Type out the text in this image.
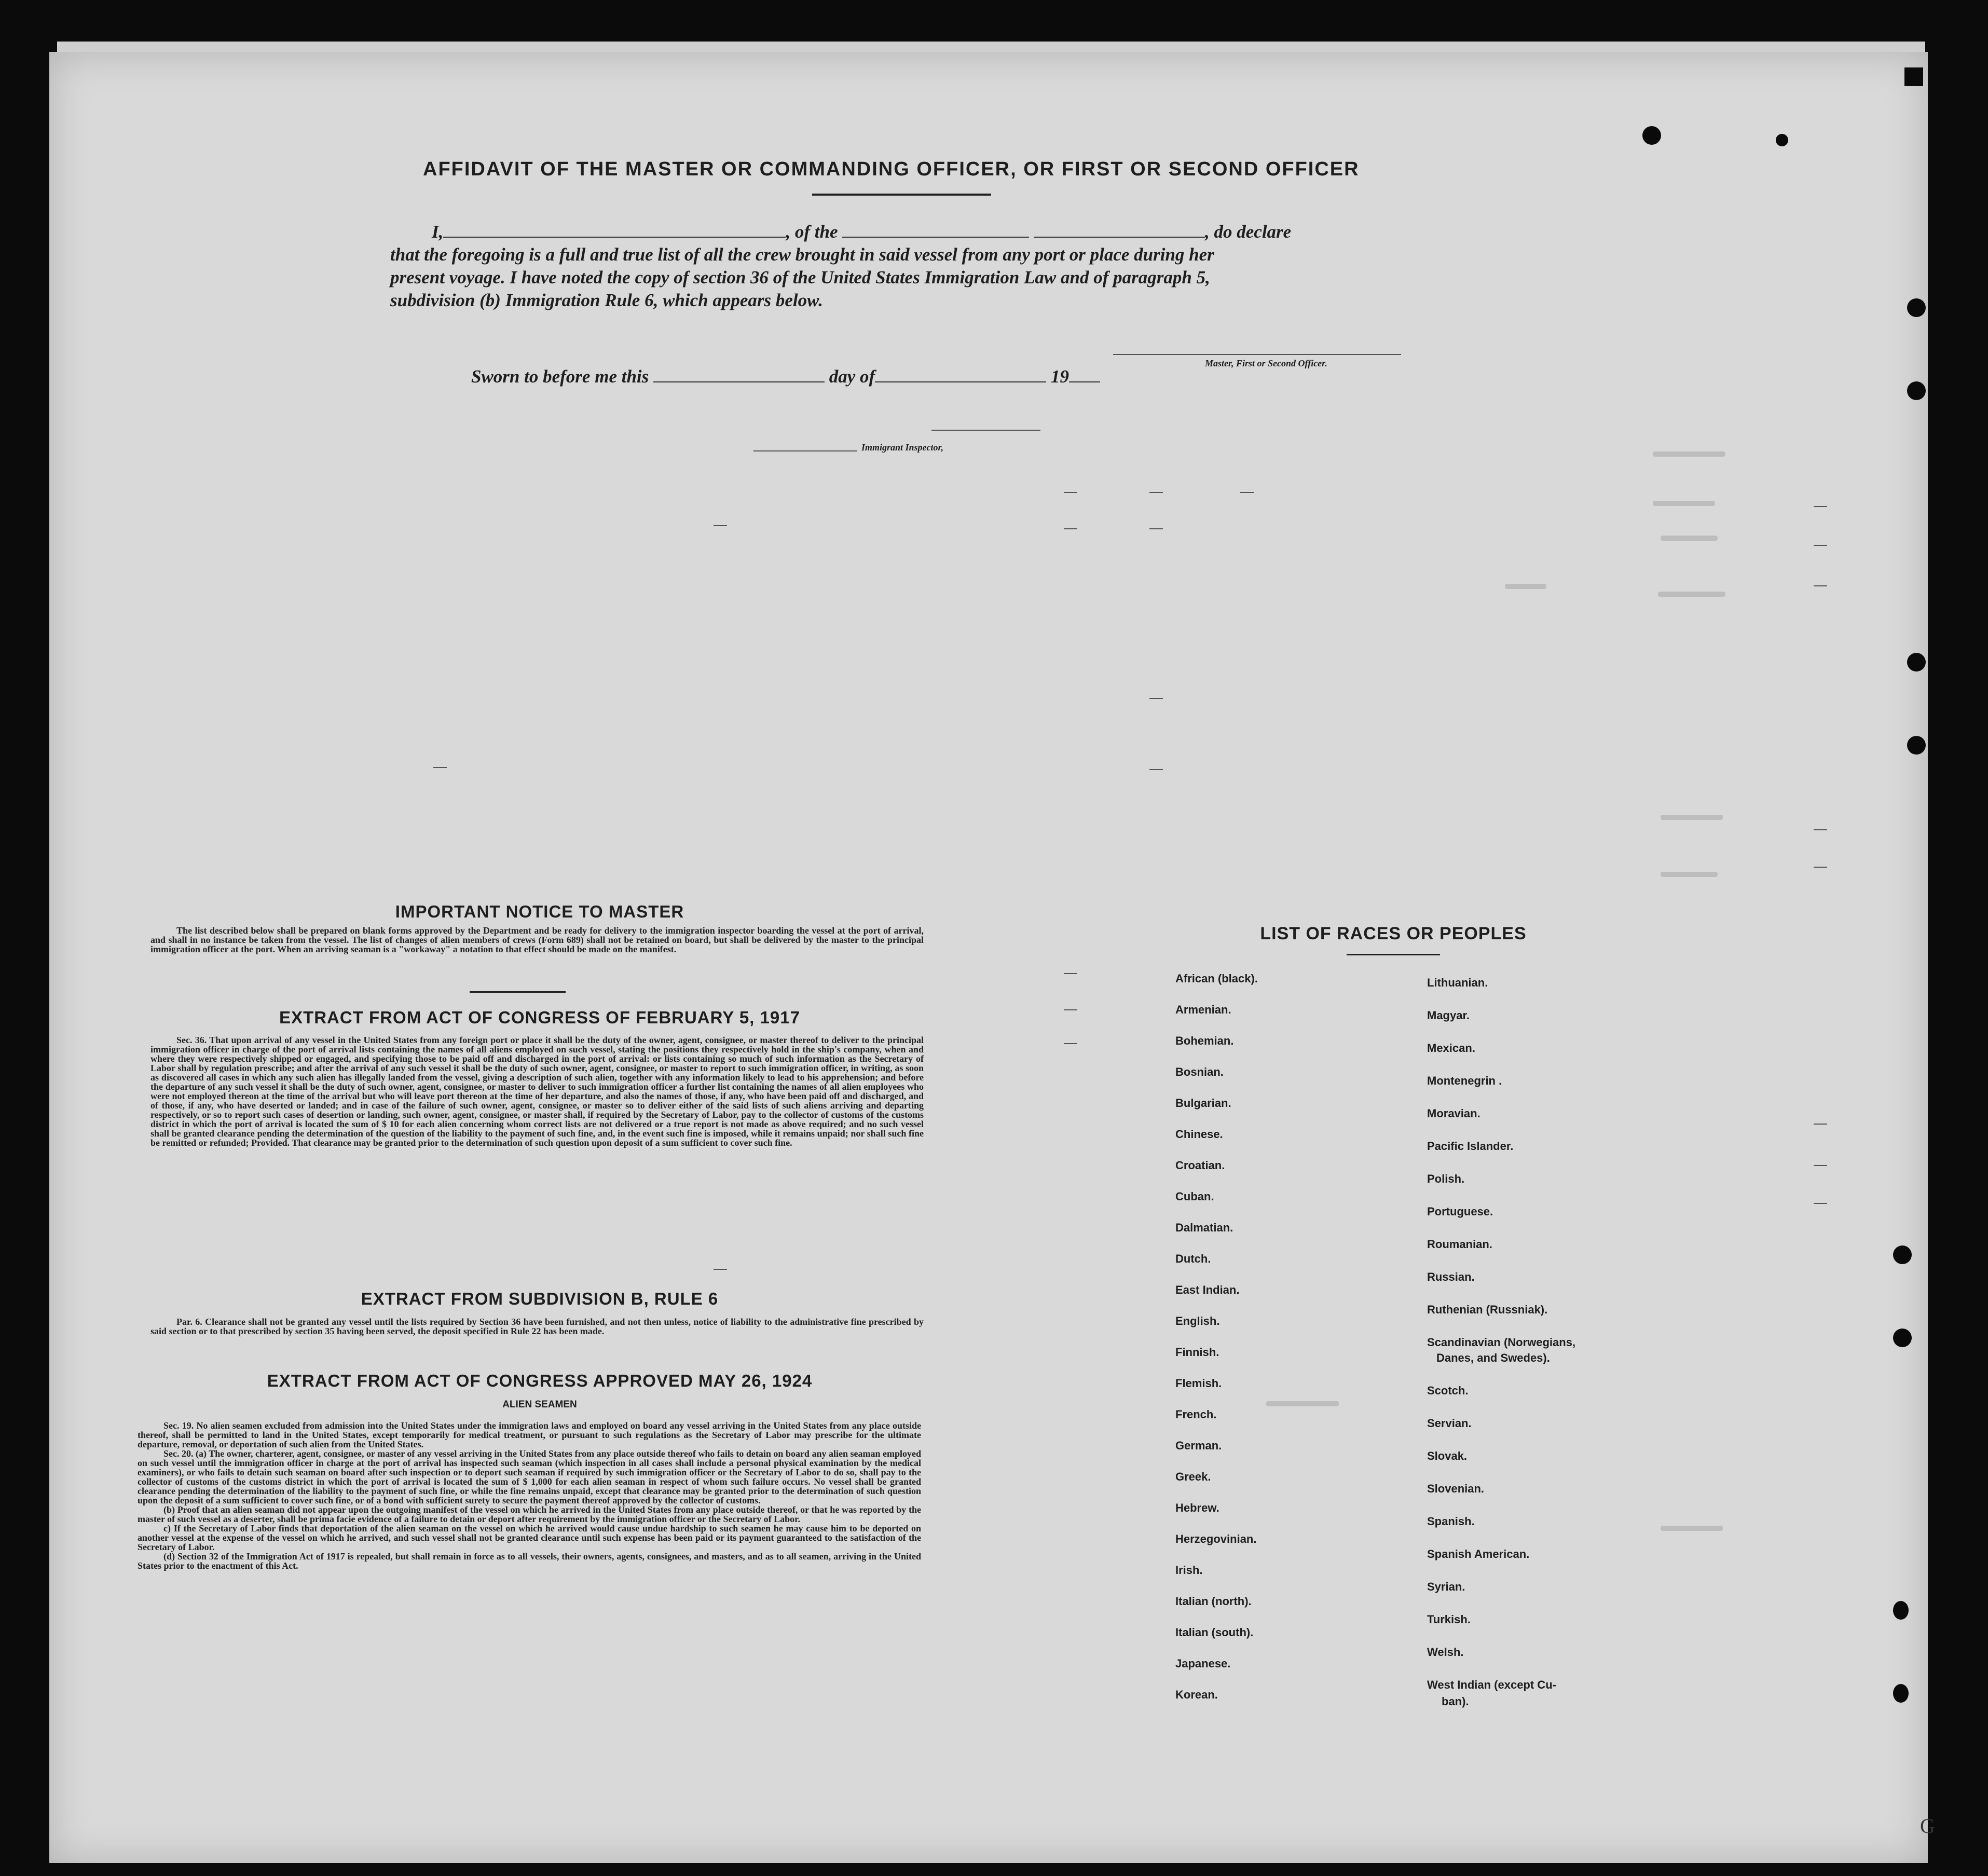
AFFIDAVIT OF THE MASTER OR COMMANDING OFFICER, OR FIRST OR SECOND OFFICER
I,	, of the	, do declare
that the foregoing is a full and true list of all the crew brought in said vessel from any port or place during her
present voyage. I have noted the copy of section 36 of the United States Immigration Law and of paragraph 5,
subdivision (b) Immigration Rule 6, which appears below.
Master, First or Second Officer.
Sworn to before me this	day of	19
Immigrant Inspector,
IMPORTANT NOTICE TO MASTER

The list described below shall be prepared on blank forms approved by the Department and be ready for delivery to the immigration inspector boarding the vessel at the port of arrival, and shall in no instance be taken from the vessel. The list of changes of alien members of crews (Form 689) shall not be retained on board, but shall be delivered by the master to the principal immigration officer at the port. When an arriving seaman is a "workaway" a notation to that effect should be made on the manifest.

EXTRACT FROM ACT OF CONGRESS OF FEBRUARY 5, 1917

Sec. 36. That upon arrival of any vessel in the United States from any foreign port or place it shall be the duty of the owner, agent, consignee, or master thereof to deliver to the principal immigration officer in charge of the port of arrival lists containing the names of all aliens employed on such vessel, stating the positions they respectively hold in the ship's company, when and where they were respectively shipped or engaged, and specifying those to be paid off and discharged in the port of arrival: or lists containing so much of such information as the Secretary of Labor shall by regulation prescribe; and after the arrival of any such vessel it shall be the duty of such owner, agent, consignee, or master to report to such immigration officer, in writing, as soon as discovered all cases in which any such alien has illegally landed from the vessel, giving a description of such alien, together with any information likely to lead to his apprehension; and before the departure of any such vessel it shall be the duty of such owner, agent, consignee, or master to deliver to such immigration officer a further list containing the names of all alien employees who were not employed thereon at the time of the arrival but who will leave port thereon at the time of her departure, and also the names of those, if any, who have been paid off and discharged, and of those, if any, who have deserted or landed; and in case of the failure of such owner, agent, consignee, or master so to deliver either of the said lists of such aliens arriving and departing respectively, or so to report such cases of desertion or landing, such owner, agent, consignee, or master shall, if required by the Secretary of Labor, pay to the collector of customs of the customs district in which the port of arrival is located the sum of $ 10 for each alien concerning whom correct lists are not delivered or a true report is not made as above required; and no such vessel shall be granted clearance pending the determination of the question of the liability to the payment of such fine, and, in the event such fine is imposed, while it remains unpaid; nor shall such fine be remitted or refunded; Provided. That clearance may be granted prior to the determination of such question upon deposit of a sum sufficient to cover such fine.

EXTRACT FROM SUBDIVISION B, RULE 6

Par. 6. Clearance shall not be granted any vessel until the lists required by Section 36 have been furnished, and not then unless, notice of liability to the administrative fine prescribed by said section or to that prescribed by section 35 having been served, the deposit specified in Rule 22 has been made.

EXTRACT FROM ACT OF CONGRESS APPROVED MAY 26, 1924
ALIEN SEAMEN

Sec. 19. No alien seamen excluded from admission into the United States under the immigration laws and employed on board any vessel arriving in the United States from any place outside thereof, shall be permitted to land in the United States, except temporarily for medical treatment, or pursuant to such regulations as the Secretary of Labor may prescribe for the ultimate departure, removal, or deportation of such alien from the United States.

Sec. 20. (a) The owner, charterer, agent, consignee, or master of any vessel arriving in the United States from any place outside thereof who fails to detain on board any alien seaman employed on such vessel until the immigration officer in charge at the port of arrival has inspected such seaman (which inspection in all cases shall include a personal physical examination by the medical examiners), or who fails to detain such seaman on board after such inspection or to deport such seaman if required by such immigration officer or the Secretary of Labor to do so, shall pay to the collector of customs of the customs district in which the port of arrival is located the sum of $ 1,000 for each alien seaman in respect of whom such failure occurs. No vessel shall be granted clearance pending the determination of the liability to the payment of such fine, or while the fine remains unpaid, except that clearance may be granted prior to the determination of such question upon the deposit of a sum sufficient to cover such fine, or of a bond with sufficient surety to secure the payment thereof approved by the collector of customs.

(b) Proof that an alien seaman did not appear upon the outgoing manifest of the vessel on which he arrived in the United States from any place outside thereof, or that he was reported by the master of such vessel as a deserter, shall be prima facie evidence of a failure to detain or deport after requirement by the immigration officer or the Secretary of Labor.

c) If the Secretary of Labor finds that deportation of the alien seaman on the vessel on which he arrived would cause undue hardship to such seamen he may cause him to be deported on another vessel at the expense of the vessel on which he arrived, and such vessel shall not be granted clearance until such expense has been paid or its payment guaranteed to the satisfaction of the Secretary of Labor.

(d) Section 32 of the Immigration Act of 1917 is repealed, but shall remain in force as to all vessels, their owners, agents, consignees, and masters, and as to all seamen, arriving in the United States prior to the enactment of this Act.

LIST OF RACES OR PEOPLES
African (black).
Armenian.
Bohemian.
Bosnian.
Bulgarian.
Chinese.
Croatian.
Cuban.
Dalmatian.
Dutch.
East Indian.
English.
Finnish.
Flemish.
French.
German.
Greek.
Hebrew.
Herzegovinian.
Irish.
Italian (north).
Italian (south).
Japanese.
Korean.
Lithuanian.
Magyar.
Mexican.
Montenegrin .
Moravian.
Pacific Islander.
Polish.
Portuguese.
Roumanian.
Russian.
Ruthenian (Russniak).
Scandinavian (Norwegians,
Danes, and Swedes).
Scotch.
Servian.
Slovak.
Slovenian.
Spanish.
Spanish American.
Syrian.
Turkish.
Welsh.
West Indian (except Cu-
ban).
G
